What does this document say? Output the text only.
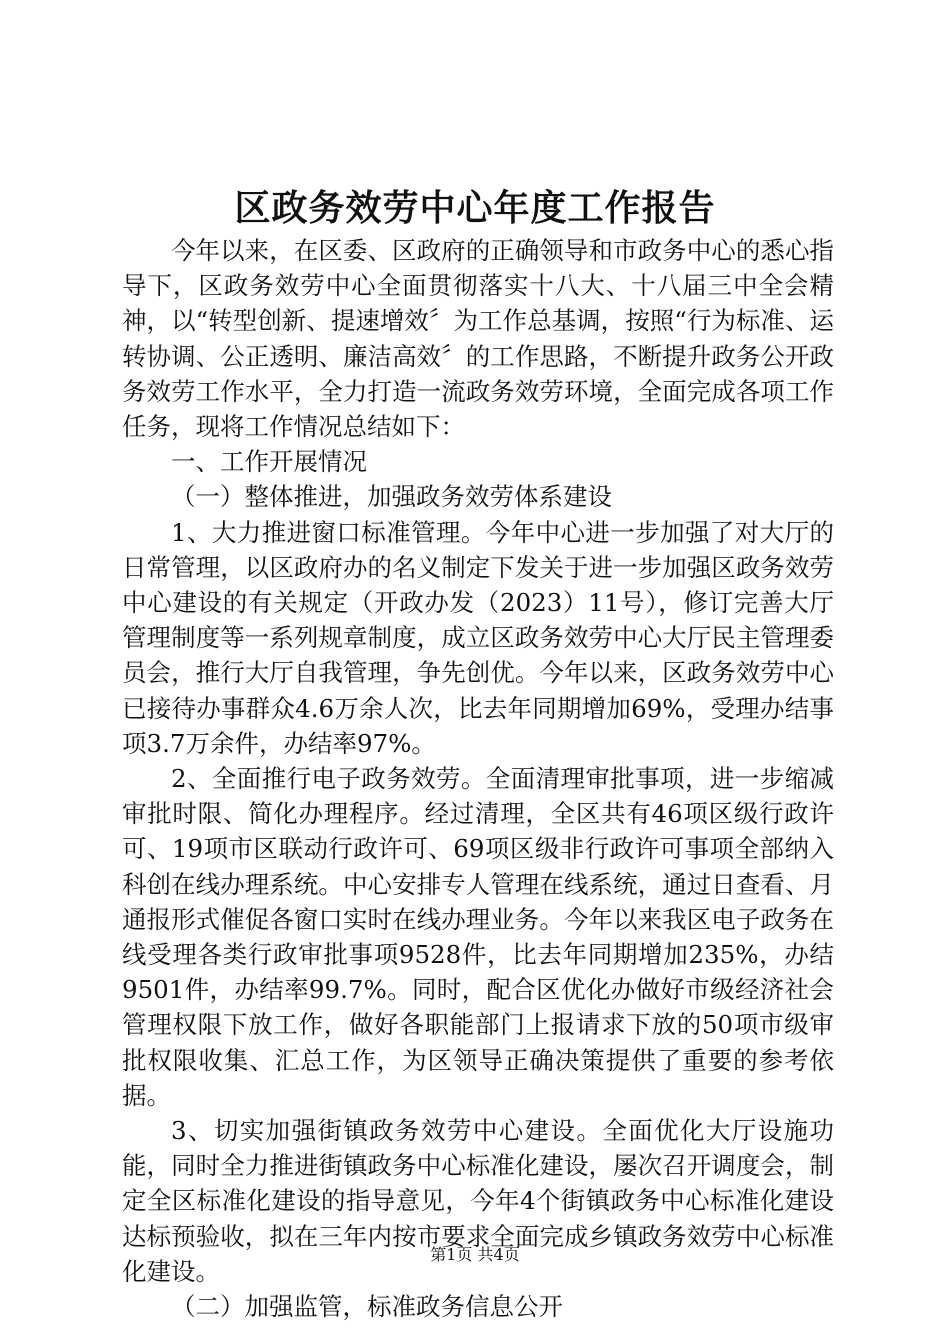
区政务效劳中心年度工作报告

今年以来，在区委、区政府的正确领导和市政务中心的悉心指导下，区政务效劳中心全面贯彻落实十八大、十八届三中全会精神，以“转型创新、提速增效〞为工作总基调，按照“行为标准、运转协调、公正透明、廉洁高效〞的工作思路，不断提升政务公开政务效劳工作水平，全力打造一流政务效劳环境，全面完成各项工作任务，现将工作情况总结如下：

一、工作开展情况

（一）整体推进，加强政务效劳体系建设

1、大力推进窗口标准管理。今年中心进一步加强了对大厅的日常管理，以区政府办的名义制定下发关于进一步加强区政务效劳中心建设的有关规定（开政办发（2023）11号），修订完善大厅管理制度等一系列规章制度，成立区政务效劳中心大厅民主管理委员会，推行大厅自我管理，争先创优。今年以来，区政务效劳中心已接待办事群众4.6万余人次，比去年同期增加69%，受理办结事项3.7万余件，办结率97%。

2、全面推行电子政务效劳。全面清理审批事项，进一步缩减审批时限、简化办理程序。经过清理，全区共有46项区级行政许可、19项市区联动行政许可、69项区级非行政许可事项全部纳入科创在线办理系统。中心安排专人管理在线系统，通过日查看、月通报形式催促各窗口实时在线办理业务。今年以来我区电子政务在线受理各类行政审批事项9528件，比去年同期增加235%，办结9501件，办结率99.7%。同时，配合区优化办做好市级经济社会管理权限下放工作，做好各职能部门上报请求下放的50项市级审批权限收集、汇总工作，为区领导正确决策提供了重要的参考依据。

3、切实加强街镇政务效劳中心建设。全面优化大厅设施功能，同时全力推进街镇政务中心标准化建设，屡次召开调度会，制定全区标准化建设的指导意见，今年4个街镇政务中心标准化建设达标预验收，拟在三年内按市要求全面完成乡镇政务效劳中心标准化建设。

（二）加强监管，标准政务信息公开

第1页 共4页
